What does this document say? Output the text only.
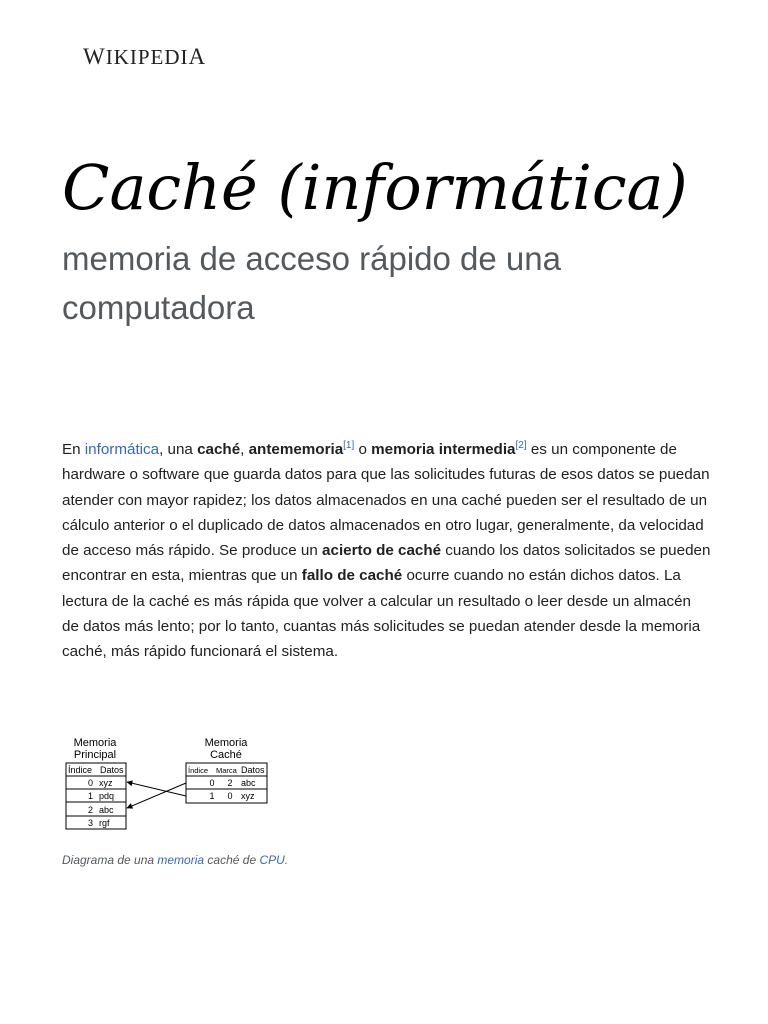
WIKIPEDIA
Caché (informática)
memoria de acceso rápido de una computadora

En informática, una caché, antememoria[1] o memoria intermedia[2] es un componente de hardware o software que guarda datos para que las solicitudes futuras de esos datos se puedan atender con mayor rapidez; los datos almacenados en una caché pueden ser el resultado de un cálculo anterior o el duplicado de datos almacenados en otro lugar, generalmente, da velocidad de acceso más rápido. Se produce un acierto de caché cuando los datos solicitados se pueden encontrar en esta, mientras que un fallo de caché ocurre cuando no están dichos datos. La lectura de la caché es más rápida que volver a calcular un resultado o leer desde un almacén de datos más lento; por lo tanto, cuantas más solicitudes se puedan atender desde la memoria caché, más rápido funcionará el sistema.

Memoria
Principal
Memoria
Caché
Índice Datos
0 xyz
1 pdq
2 abc
3 rgf
Índice Marca Datos
0 2 abc
1 0 xyz

Diagrama de una memoria caché de CPU.
